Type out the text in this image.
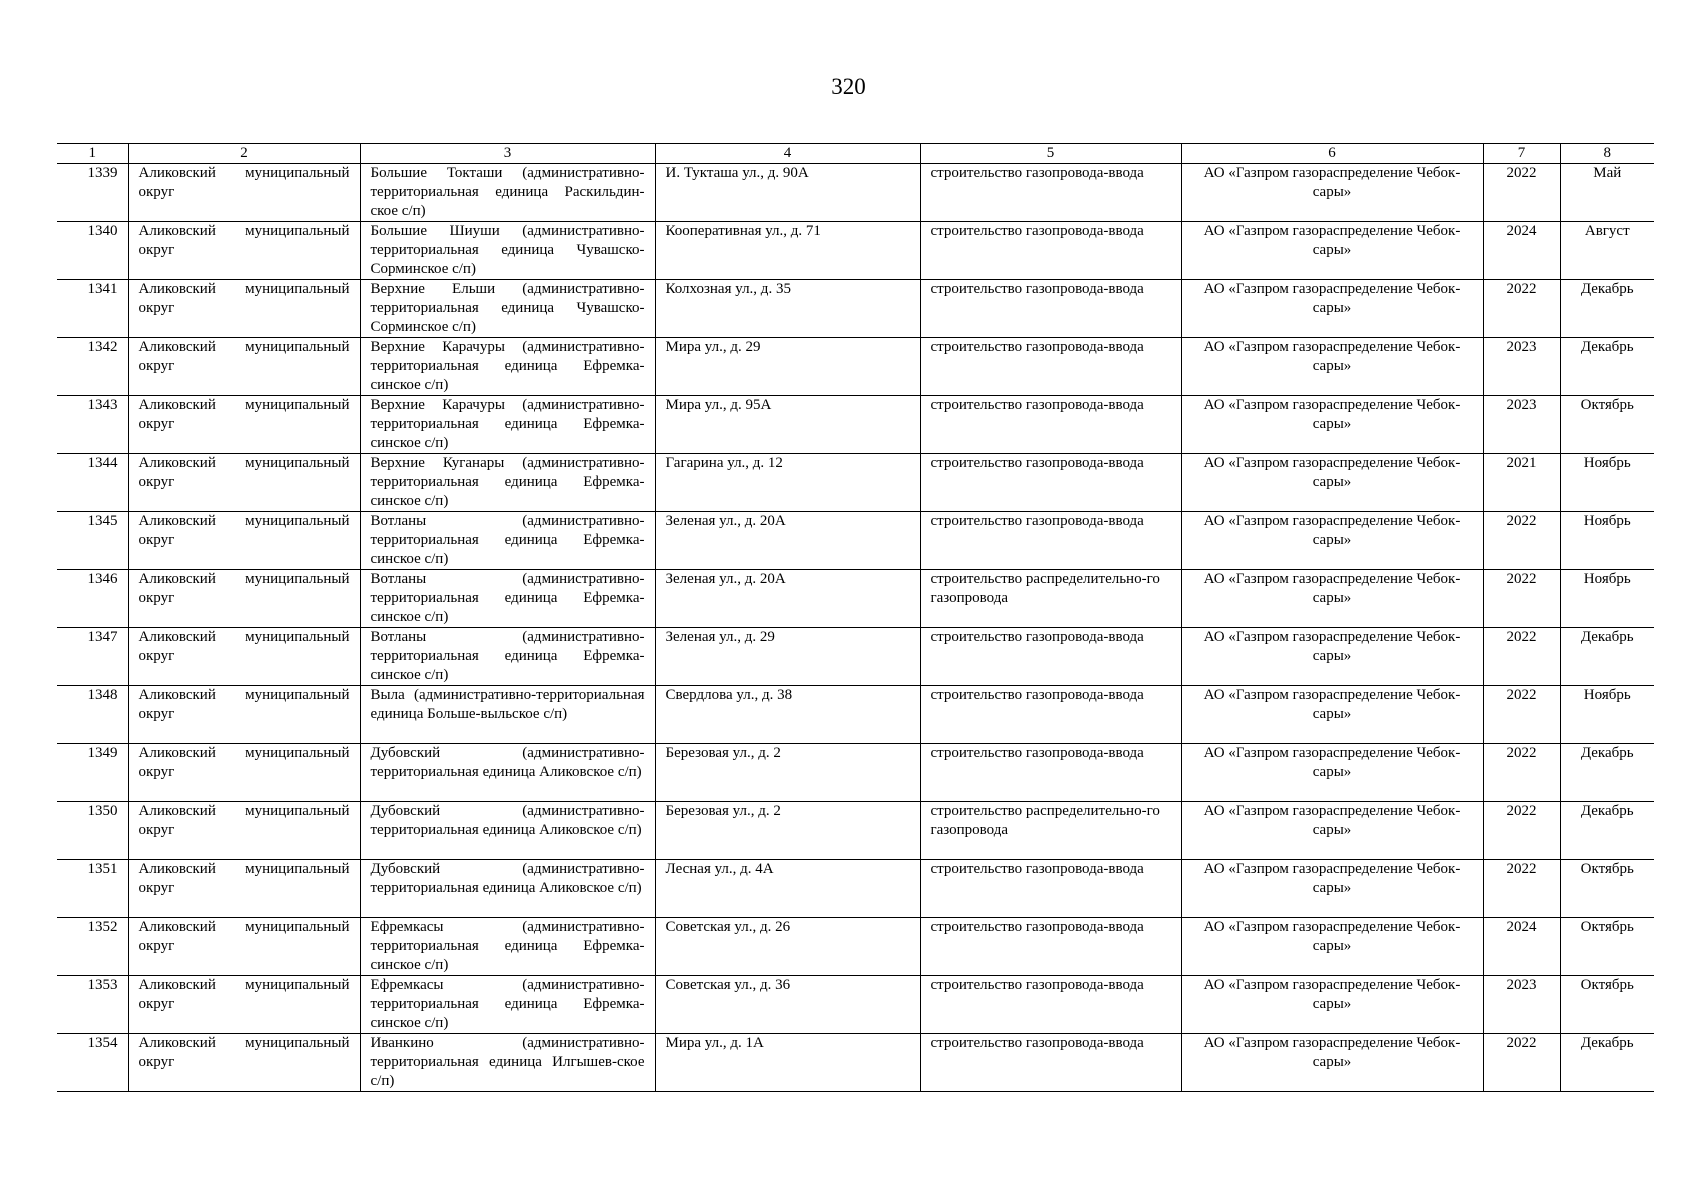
320
1	2	3	4	5	6	7	8
1339	Аликовский муниципальный округ	Большие Токташи (административно-территориальная единица Раскильдин-ское с/п)	И. Тукташа ул., д. 90А	строительство газопровода-ввода	АО «Газпром газораспределение Чебок-сары»	2022	Май
1340	Аликовский муниципальный округ	Большие Шиуши (административно-территориальная единица Чувашско-Сорминское с/п)	Кооперативная ул., д. 71	строительство газопровода-ввода	АО «Газпром газораспределение Чебок-сары»	2024	Август
1341	Аликовский муниципальный округ	Верхние Ельши (административно-территориальная единица Чувашско-Сорминское с/п)	Колхозная ул., д. 35	строительство газопровода-ввода	АО «Газпром газораспределение Чебок-сары»	2022	Декабрь
1342	Аликовский муниципальный округ	Верхние Карачуры (административно-территориальная единица Ефремка-синское с/п)	Мира ул., д. 29	строительство газопровода-ввода	АО «Газпром газораспределение Чебок-сары»	2023	Декабрь
1343	Аликовский муниципальный округ	Верхние Карачуры (административно-территориальная единица Ефремка-синское с/п)	Мира ул., д. 95А	строительство газопровода-ввода	АО «Газпром газораспределение Чебок-сары»	2023	Октябрь
1344	Аликовский муниципальный округ	Верхние Куганары (административно-территориальная единица Ефремка-синское с/п)	Гагарина ул., д. 12	строительство газопровода-ввода	АО «Газпром газораспределение Чебок-сары»	2021	Ноябрь
1345	Аликовский муниципальный округ	Вотланы (административно-территориальная единица Ефремка-синское с/п)	Зеленая ул., д. 20А	строительство газопровода-ввода	АО «Газпром газораспределение Чебок-сары»	2022	Ноябрь
1346	Аликовский муниципальный округ	Вотланы (административно-территориальная единица Ефремка-синское с/п)	Зеленая ул., д. 20А	строительство распределительно-го газопровода	АО «Газпром газораспределение Чебок-сары»	2022	Ноябрь
1347	Аликовский муниципальный округ	Вотланы (административно-территориальная единица Ефремка-синское с/п)	Зеленая ул., д. 29	строительство газопровода-ввода	АО «Газпром газораспределение Чебок-сары»	2022	Декабрь
1348	Аликовский муниципальный округ	Выла (административно-территориальная единица Больше-выльское с/п)	Свердлова ул., д. 38	строительство газопровода-ввода	АО «Газпром газораспределение Чебок-сары»	2022	Ноябрь
1349	Аликовский муниципальный округ	Дубовский (административно-территориальная единица Аликовское с/п)	Березовая ул., д. 2	строительство газопровода-ввода	АО «Газпром газораспределение Чебок-сары»	2022	Декабрь
1350	Аликовский муниципальный округ	Дубовский (административно-территориальная единица Аликовское с/п)	Березовая ул., д. 2	строительство распределительно-го газопровода	АО «Газпром газораспределение Чебок-сары»	2022	Декабрь
1351	Аликовский муниципальный округ	Дубовский (административно-территориальная единица Аликовское с/п)	Лесная ул., д. 4А	строительство газопровода-ввода	АО «Газпром газораспределение Чебок-сары»	2022	Октябрь
1352	Аликовский муниципальный округ	Ефремкасы (административно-территориальная единица Ефремка-синское с/п)	Советская ул., д. 26	строительство газопровода-ввода	АО «Газпром газораспределение Чебок-сары»	2024	Октябрь
1353	Аликовский муниципальный округ	Ефремкасы (административно-территориальная единица Ефремка-синское с/п)	Советская ул., д. 36	строительство газопровода-ввода	АО «Газпром газораспределение Чебок-сары»	2023	Октябрь
1354	Аликовский муниципальный округ	Иванкино (административно-территориальная единица Илгышев-ское с/п)	Мира ул., д. 1А	строительство газопровода-ввода	АО «Газпром газораспределение Чебок-сары»	2022	Декабрь
